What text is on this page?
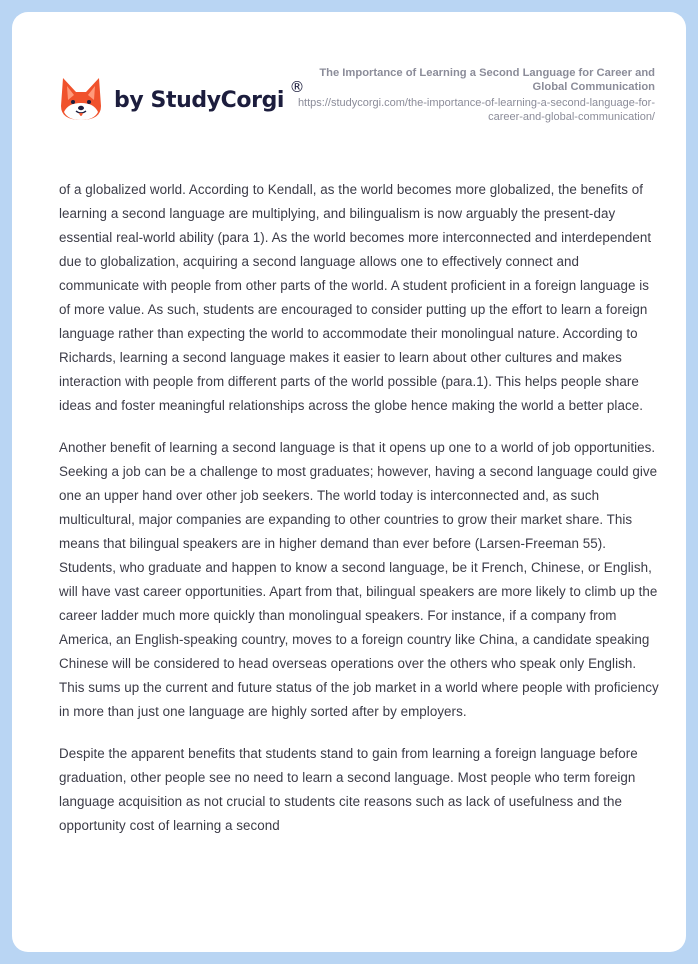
by StudyCorgi
®
The Importance of Learning a Second Language for Career and Global Communication
https://studycorgi.com/the-importance-of-learning-a-second-language-for-career-and-global-communication/

of a globalized world. According to Kendall, as the world becomes more globalized, the benefits of learning a second language are multiplying, and bilingualism is now arguably the present-day essential real-world ability (para 1). As the world becomes more interconnected and interdependent due to globalization, acquiring a second language allows one to effectively connect and communicate with people from other parts of the world. A student proficient in a foreign language is of more value. As such, students are encouraged to consider putting up the effort to learn a foreign language rather than expecting the world to accommodate their monolingual nature. According to Richards, learning a second language makes it easier to learn about other cultures and makes interaction with people from different parts of the world possible (para.1). This helps people share ideas and foster meaningful relationships across the globe hence making the world a better place.

Another benefit of learning a second language is that it opens up one to a world of job opportunities. Seeking a job can be a challenge to most graduates; however, having a second language could give one an upper hand over other job seekers. The world today is interconnected and, as such multicultural, major companies are expanding to other countries to grow their market share. This means that bilingual speakers are in higher demand than ever before (Larsen-Freeman 55). Students, who graduate and happen to know a second language, be it French, Chinese, or English, will have vast career opportunities. Apart from that, bilingual speakers are more likely to climb up the career ladder much more quickly than monolingual speakers. For instance, if a company from America, an English-speaking country, moves to a foreign country like China, a candidate speaking Chinese will be considered to head overseas operations over the others who speak only English. This sums up the current and future status of the job market in a world where people with proficiency in more than just one language are highly sorted after by employers.

Despite the apparent benefits that students stand to gain from learning a foreign language before graduation, other people see no need to learn a second language. Most people who term foreign language acquisition as not crucial to students cite reasons such as lack of usefulness and the opportunity cost of learning a second
